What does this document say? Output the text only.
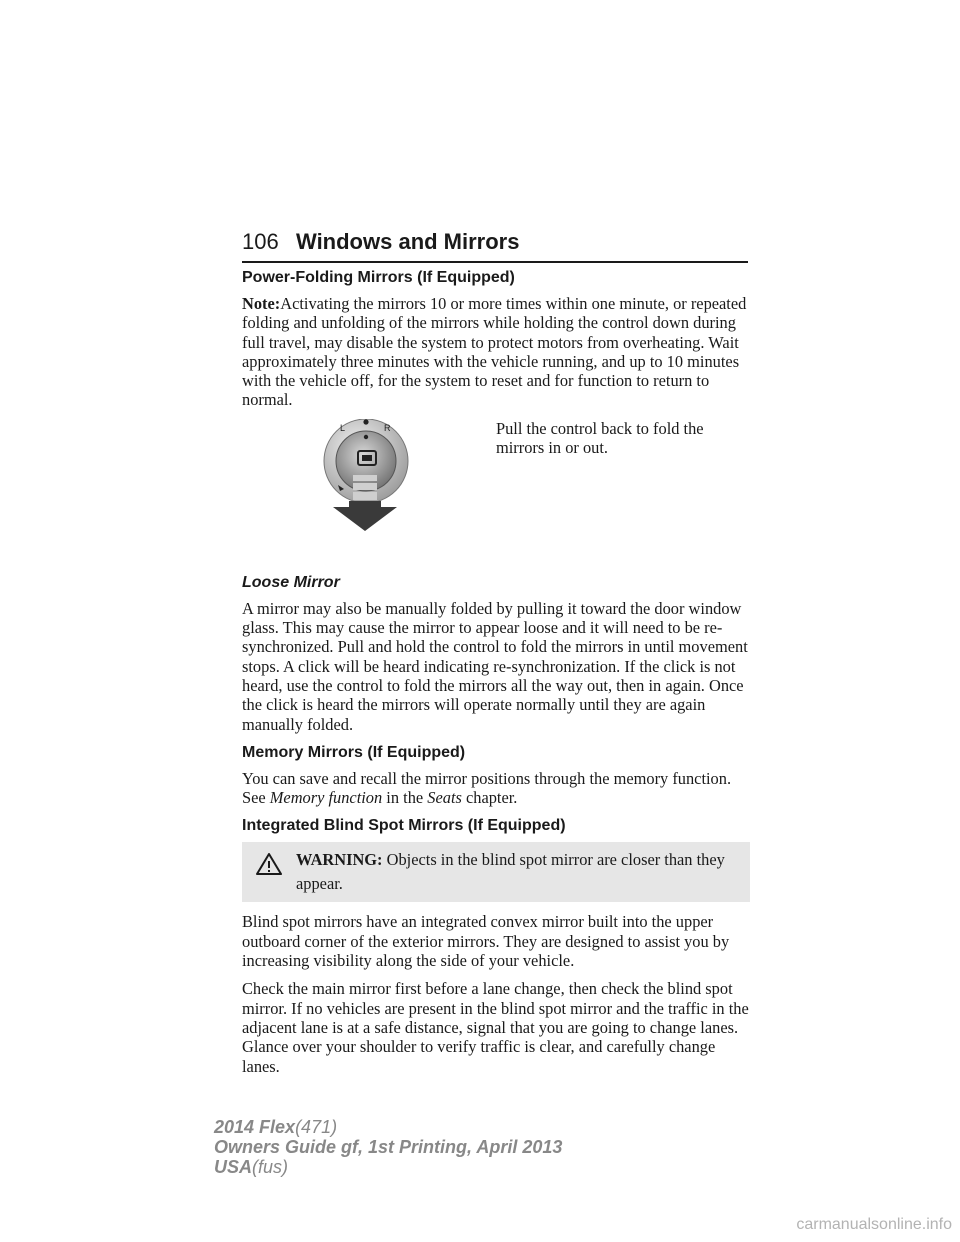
106 Windows and Mirrors
Power-Folding Mirrors (If Equipped)

Note:Activating the mirrors 10 or more times within one minute, or repeated folding and unfolding of the mirrors while holding the control down during full travel, may disable the system to protect motors from overheating. Wait approximately three minutes with the vehicle running, and up to 10 minutes with the vehicle off, for the system to reset and for function to return to normal.

L	R	Pull the control back to fold the mirrors in or out.
Loose Mirror

A mirror may also be manually folded by pulling it toward the door window glass. This may cause the mirror to appear loose and it will need to be re-synchronized. Pull and hold the control to fold the mirrors in until movement stops. A click will be heard indicating re-synchronization. If the click is not heard, use the control to fold the mirrors all the way out, then in again. Once the click is heard the mirrors will operate normally until they are again manually folded.

Memory Mirrors (If Equipped)

You can save and recall the mirror positions through the memory function. See Memory function in the Seats chapter.

Integrated Blind Spot Mirrors (If Equipped)
WARNING: Objects in the blind spot mirror are closer than they appear.

Blind spot mirrors have an integrated convex mirror built into the upper outboard corner of the exterior mirrors. They are designed to assist you by increasing visibility along the side of your vehicle.

Check the main mirror first before a lane change, then check the blind spot mirror. If no vehicles are present in the blind spot mirror and the traffic in the adjacent lane is at a safe distance, signal that you are going to change lanes. Glance over your shoulder to verify traffic is clear, and carefully change lanes.

2014 Flex(471)
Owners Guide gf, 1st Printing, April 2013
USA(fus)
carmanualsonline.info
